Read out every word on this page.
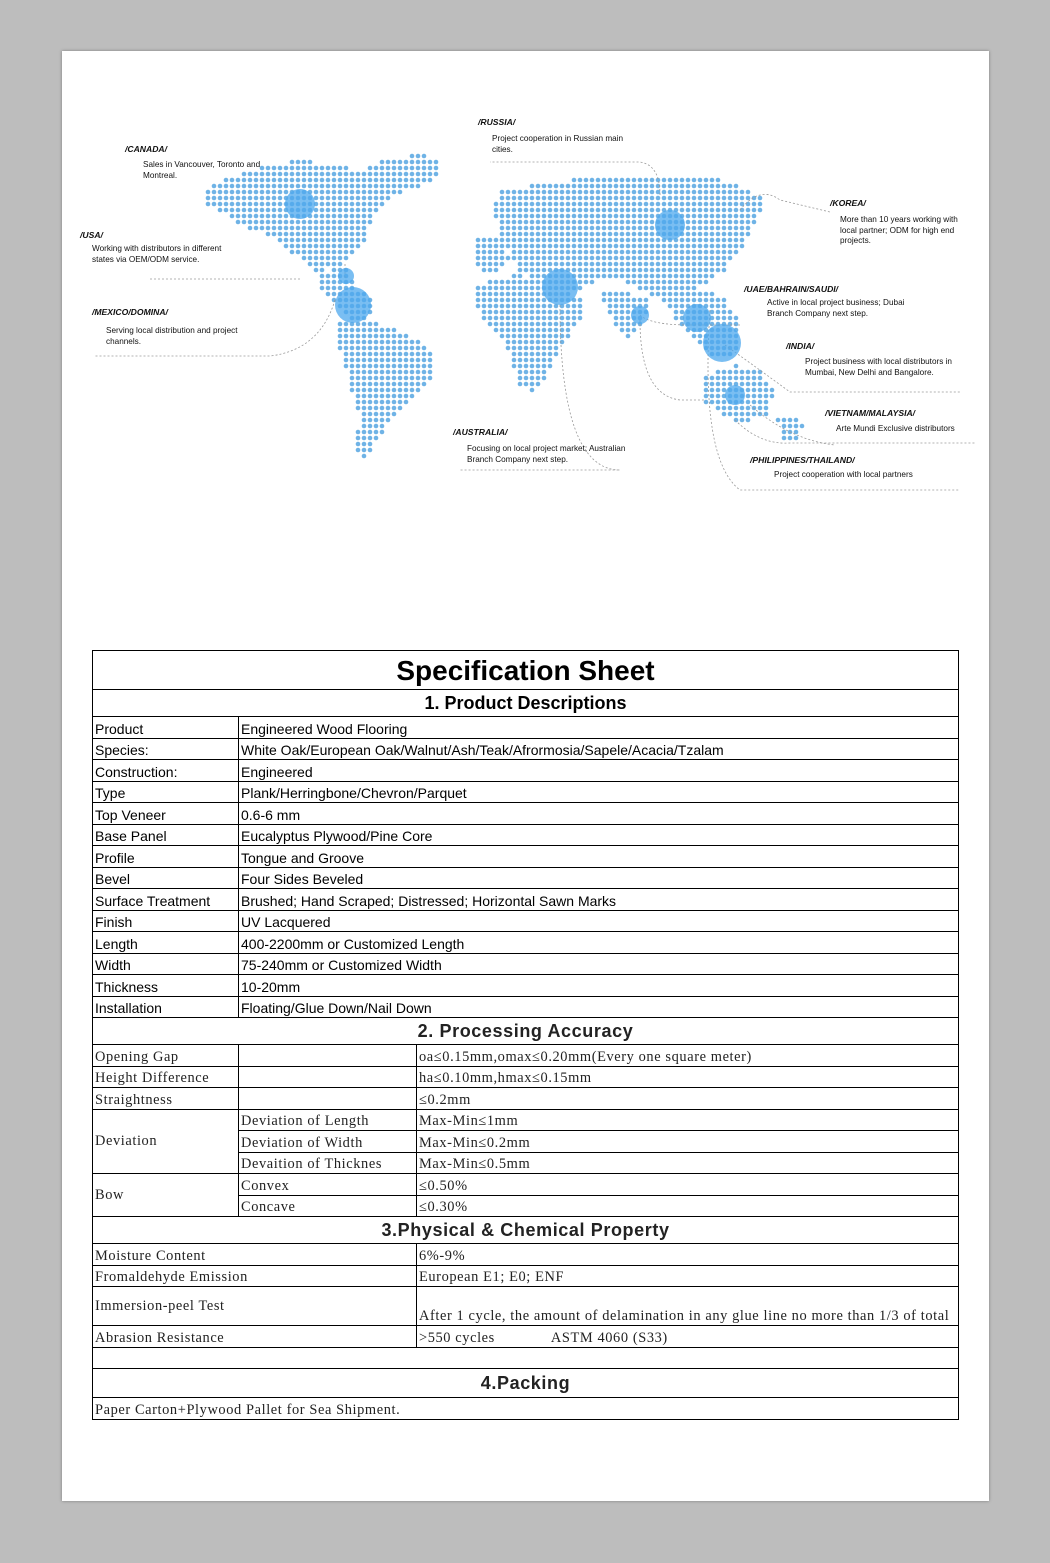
/CANADA/
Sales in Vancouver, Toronto and Montreal.
/USA/
Working with distributors in different states via OEM/ODM service.
/MEXICO/DOMINA/
Serving local distribution and project channels.
/RUSSIA/
Project cooperation in Russian main cities.
/KOREA/
More than 10 years working with local partner; ODM for high end projects.
/UAE/BAHRAIN/SAUDI/
Active in local project business; Dubai Branch Company next step.
/INDIA/
Project business with local distributors in Mumbai, New Delhi and Bangalore.
/VIETNAM/MALAYSIA/
Arte Mundi Exclusive distributors
/AUSTRALIA/
Focusing on local project market; Australian Branch Company next step.	/PHILIPPINES/THAILAND/
Project cooperation with local partners
Specification Sheet		
1. Product Descriptions		
Product	Engineered Wood Flooring	
Species:	White Oak/European Oak/Walnut/Ash/Teak/Afrormosia/Sapele/Acacia/Tzalam	
Construction:	Engineered	
Type	Plank/Herringbone/Chevron/Parquet	
Top Veneer	0.6-6 mm	
Base Panel	Eucalyptus Plywood/Pine Core	
Profile	Tongue and Groove	
Bevel	Four Sides Beveled	
Surface Treatment	Brushed; Hand Scraped; Distressed; Horizontal Sawn Marks	
Finish	UV Lacquered	
Length	400-2200mm or Customized Length	
Width	75-240mm or Customized Width	
Thickness	10-20mm	
Installation	Floating/Glue Down/Nail Down	
2. Processing Accuracy		
Opening Gap		oa≤0.15mm,omax≤0.20mm(Every one square meter)
Height Difference		ha≤0.10mm,hmax≤0.15mm
Straightness		≤0.2mm
Deviation	Deviation of Length	Max-Min≤1mm
	Deviation of Width	Max-Min≤0.2mm
	Devaition of Thicknes	Max-Min≤0.5mm
Bow	Convex	≤0.50%
	Concave	≤0.30%
3.Physical & Chemical Property		
Moisture Content		6%-9%
Fromaldehyde Emission		European E1; E0; ENF
Immersion-peel Test		After 1 cycle, the amount of delamination in any glue line no more than 1/3 of total
Abrasion Resistance		>550 cycles ASTM 4060 (S33)

4.Packing		
Paper Carton+Plywood Pallet for Sea Shipment.		
